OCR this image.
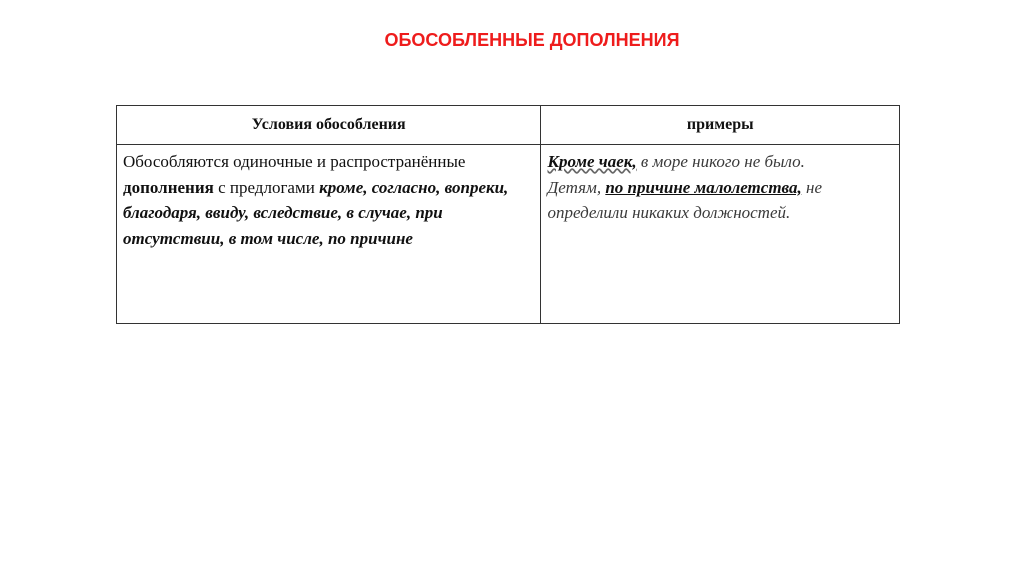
ОБОСОБЛЕННЫЕ ДОПОЛНЕНИЯ
Условия обособления	примеры
Обособляются одиночные и распространённые дополнения с предлогами кроме, согласно, вопреки, благодаря, ввиду, вследствие, в случае, при отсутствии, в том числе, по причине	Кроме чаек, в море никого не было.
Детям, по причине малолетства, не определили никаких должностей.
